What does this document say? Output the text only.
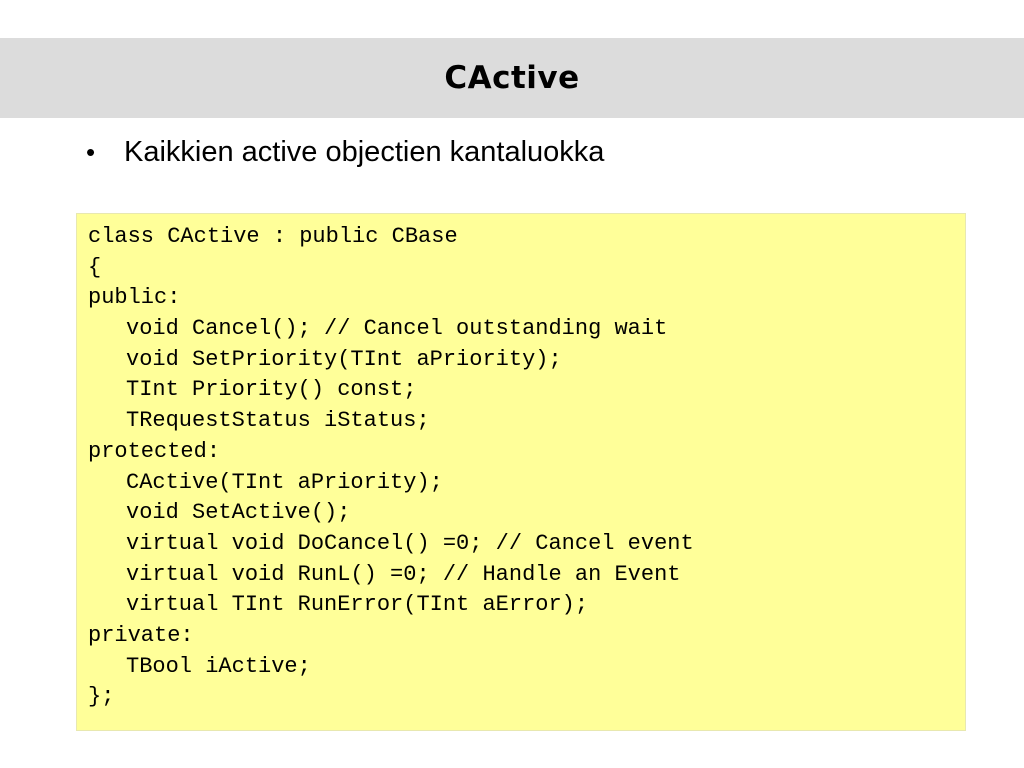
CActive
• Kaikkien active objectien kantaluokka
class CActive : public CBase
{
public:
void Cancel(); // Cancel outstanding wait
void SetPriority(TInt aPriority);
TInt Priority() const;
TRequestStatus iStatus;
protected:
CActive(TInt aPriority);
void SetActive();
virtual void DoCancel() =0; // Cancel event
virtual void RunL() =0; // Handle an Event
virtual TInt RunError(TInt aError);
private:
TBool iActive;
};
